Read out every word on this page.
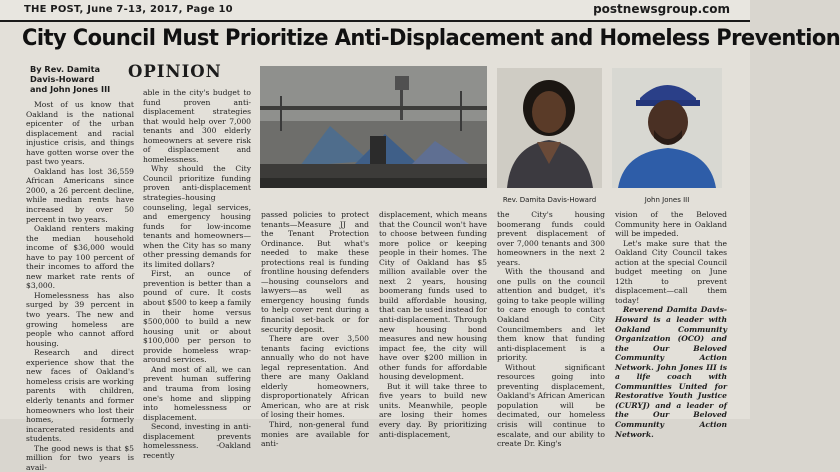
THE POST, June 7-13, 2017, Page 10	postnewsgroup.com
City Council Must Prioritize Anti-Displacement and Homeless Prevention
By Rev. Damita
Davis-Howard
and John Jones III
OPINION
Rev. Damita Davis-Howard	John Jones III

Most of us know that Oakland is the national epicenter of the urban displacement and racial injustice crisis, and things have gotten worse over the past two years.

Oakland has lost 36,559 African Americans since 2000, a 26 percent decline, while median rents have increased by over 50 percent in two years.

Oakland renters making the median household income of $36,000 would have to pay 100 percent of their incomes to afford the new market rate rents of $3,000.

Homelessness has also surged by 39 percent in two years. The new and growing homeless are people who cannot afford housing.

Research and direct experience show that the new faces of Oakland's homeless crisis are working parents with children, elderly tenants and former homeowners who lost their homes, formerly incarcerated residents and students.

The good news is that $5 million for two years is avail-

able in the city's budget to fund proven anti-displacement strategies that would help over 7,000 tenants and 300 elderly homeowners at severe risk of displacement and homelessness.

Why should the City Council prioritize funding proven anti-displacement strategies–housing counseling, legal services, and emergency housing funds for low-income tenants and homeowners—when the City has so many other pressing demands for its limited dollars?

First, an ounce of prevention is better than a pound of cure. It costs about $500 to keep a family in their home versus $500,000 to build a new housing unit or about $100,000 per person to provide homeless wrap-around services.

And most of all, we can prevent human suffering and trauma from losing one's home and slipping into homelessness or displacement.

Second, investing in anti-displacement prevents homelessness. -Oakland recently

passed policies to protect tenants—Measure JJ and the Tenant Protection Ordinance. But what's needed to make these protections real is funding frontline housing defenders—housing counselors and lawyers—as well as emergency housing funds to help cover rent during a financial set-back or for security deposit.

There are over 3,500 tenants facing evictions annually who do not have legal representation. And there are many Oakland elderly homeowners, disproportionately African American, who are at risk of losing their homes.

Third, non-general fund monies are available for anti-

displacement, which means that the Council won't have to choose between funding more police or keeping people in their homes. The City of Oakland has $5 million available over the next 2 years, housing boomerang funds used to build affordable housing, that can be used instead for anti-displacement. Through new housing bond measures and new housing impact fee, the city will have over $200 million in other funds for affordable housing development.

But it will take three to five years to build new units. Meanwhile, people are losing their homes every day. By prioritizing anti-displacement,

the City's housing boomerang funds could prevent displacement of over 7,000 tenants and 300 homeowners in the next 2 years.

With the thousand and one pulls on the council attention and budget, it's going to take people willing to care enough to contact Oakland City Councilmembers and let them know that funding anti-displacement is a priority.

Without significant resources going into preventing displacement, Oakland's African American population will be decimated, our homeless crisis will continue to escalate, and our ability to create Dr. King's

vision of the Beloved Community here in Oakland will be impeded.

Let's make sure that the Oakland City Council takes action at the special Council budget meeting on June 12th to prevent displacement—call them today!

Reverend Damita Davis-Howard is a leader with Oakland Community Organization (OCO) and the Our Beloved Community Action Network. John Jones III is a life coach with Communities United for Restorative Youth Justice (CURYJ) and a leader of the Our Beloved Community Action Network.
